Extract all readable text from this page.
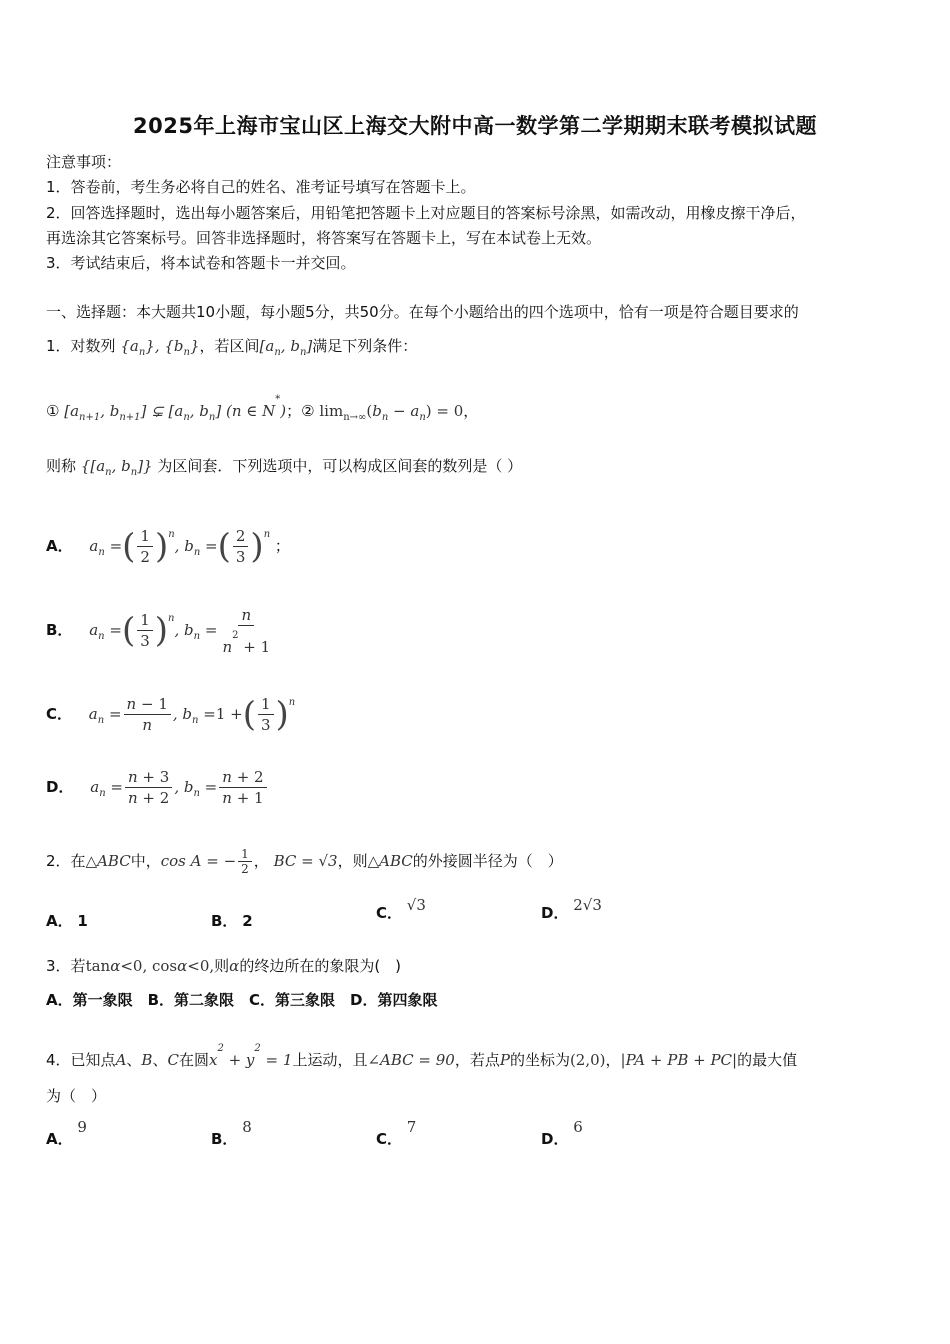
2025年上海市宝山区上海交大附中高一数学第二学期期末联考模拟试题
注意事项：
1．答卷前，考生务必将自己的姓名、准考证号填写在答题卡上。
2．回答选择题时，选出每小题答案后，用铅笔把答题卡上对应题目的答案标号涂黑，如需改动，用橡皮擦干净后，
再选涂其它答案标号。回答非选择题时，将答案写在答题卡上，写在本试卷上无效。
3．考试结束后，将本试卷和答题卡一并交回。
一、选择题：本大题共10小题，每小题5分，共50分。在每个小题给出的四个选项中，恰有一项是符合题目要求的
1．对数列 $\{a_n\}$, $\{b_n\}$，若区间[$a_n$, $b_n$]满足下列条件：
① [$a_{n+1}$, $b_{n+1}$] ⊊ [$a_n$, $b_n$] (n ∈ N*)；② $\lim_{n\to\infty}(b_n - a_n) = 0$，
则称 {[$a_n$, $b_n$]} 为区间套．下列选项中，可以构成区间套的数列是（ ）
A． $a_n$ =( $\frac{1}{2} )^n$, $b_n$ =( $\frac{2}{3} )^n$ ；
B． $a_n$ =( $\frac{1}{3} )^n$, $b_n = \frac{n}{n^2 + 1}$
C． $a_n = \frac{n - 1}{n}$ , $b_n =1$ +( $\frac{1}{3} )^n$
D． $a_n = \frac{n + 3}{n + 2}$ , $b_n = \frac{n + 2}{n + 1}$
2．在△ABC中，cos A = − $\frac{1}{2}$ ， BC = √3，则△ABC的外接圆半径为（　）
A． 1	B． 2	C． √3	D． 2√3
3．若tanα<0, cosα<0,则α的终边所在的象限为(　)
A．第一象限　B．第二象限　C．第三象限　D．第四象限
4．已知点A、B、C在圆$x^2 + y^2 = 1$上运动，且∠ABC = 90，若点P的坐标为(2,0)，|PA + PB + PC|的最大值
为（　）
A． 9
B． 8
C． 7
D． 6
